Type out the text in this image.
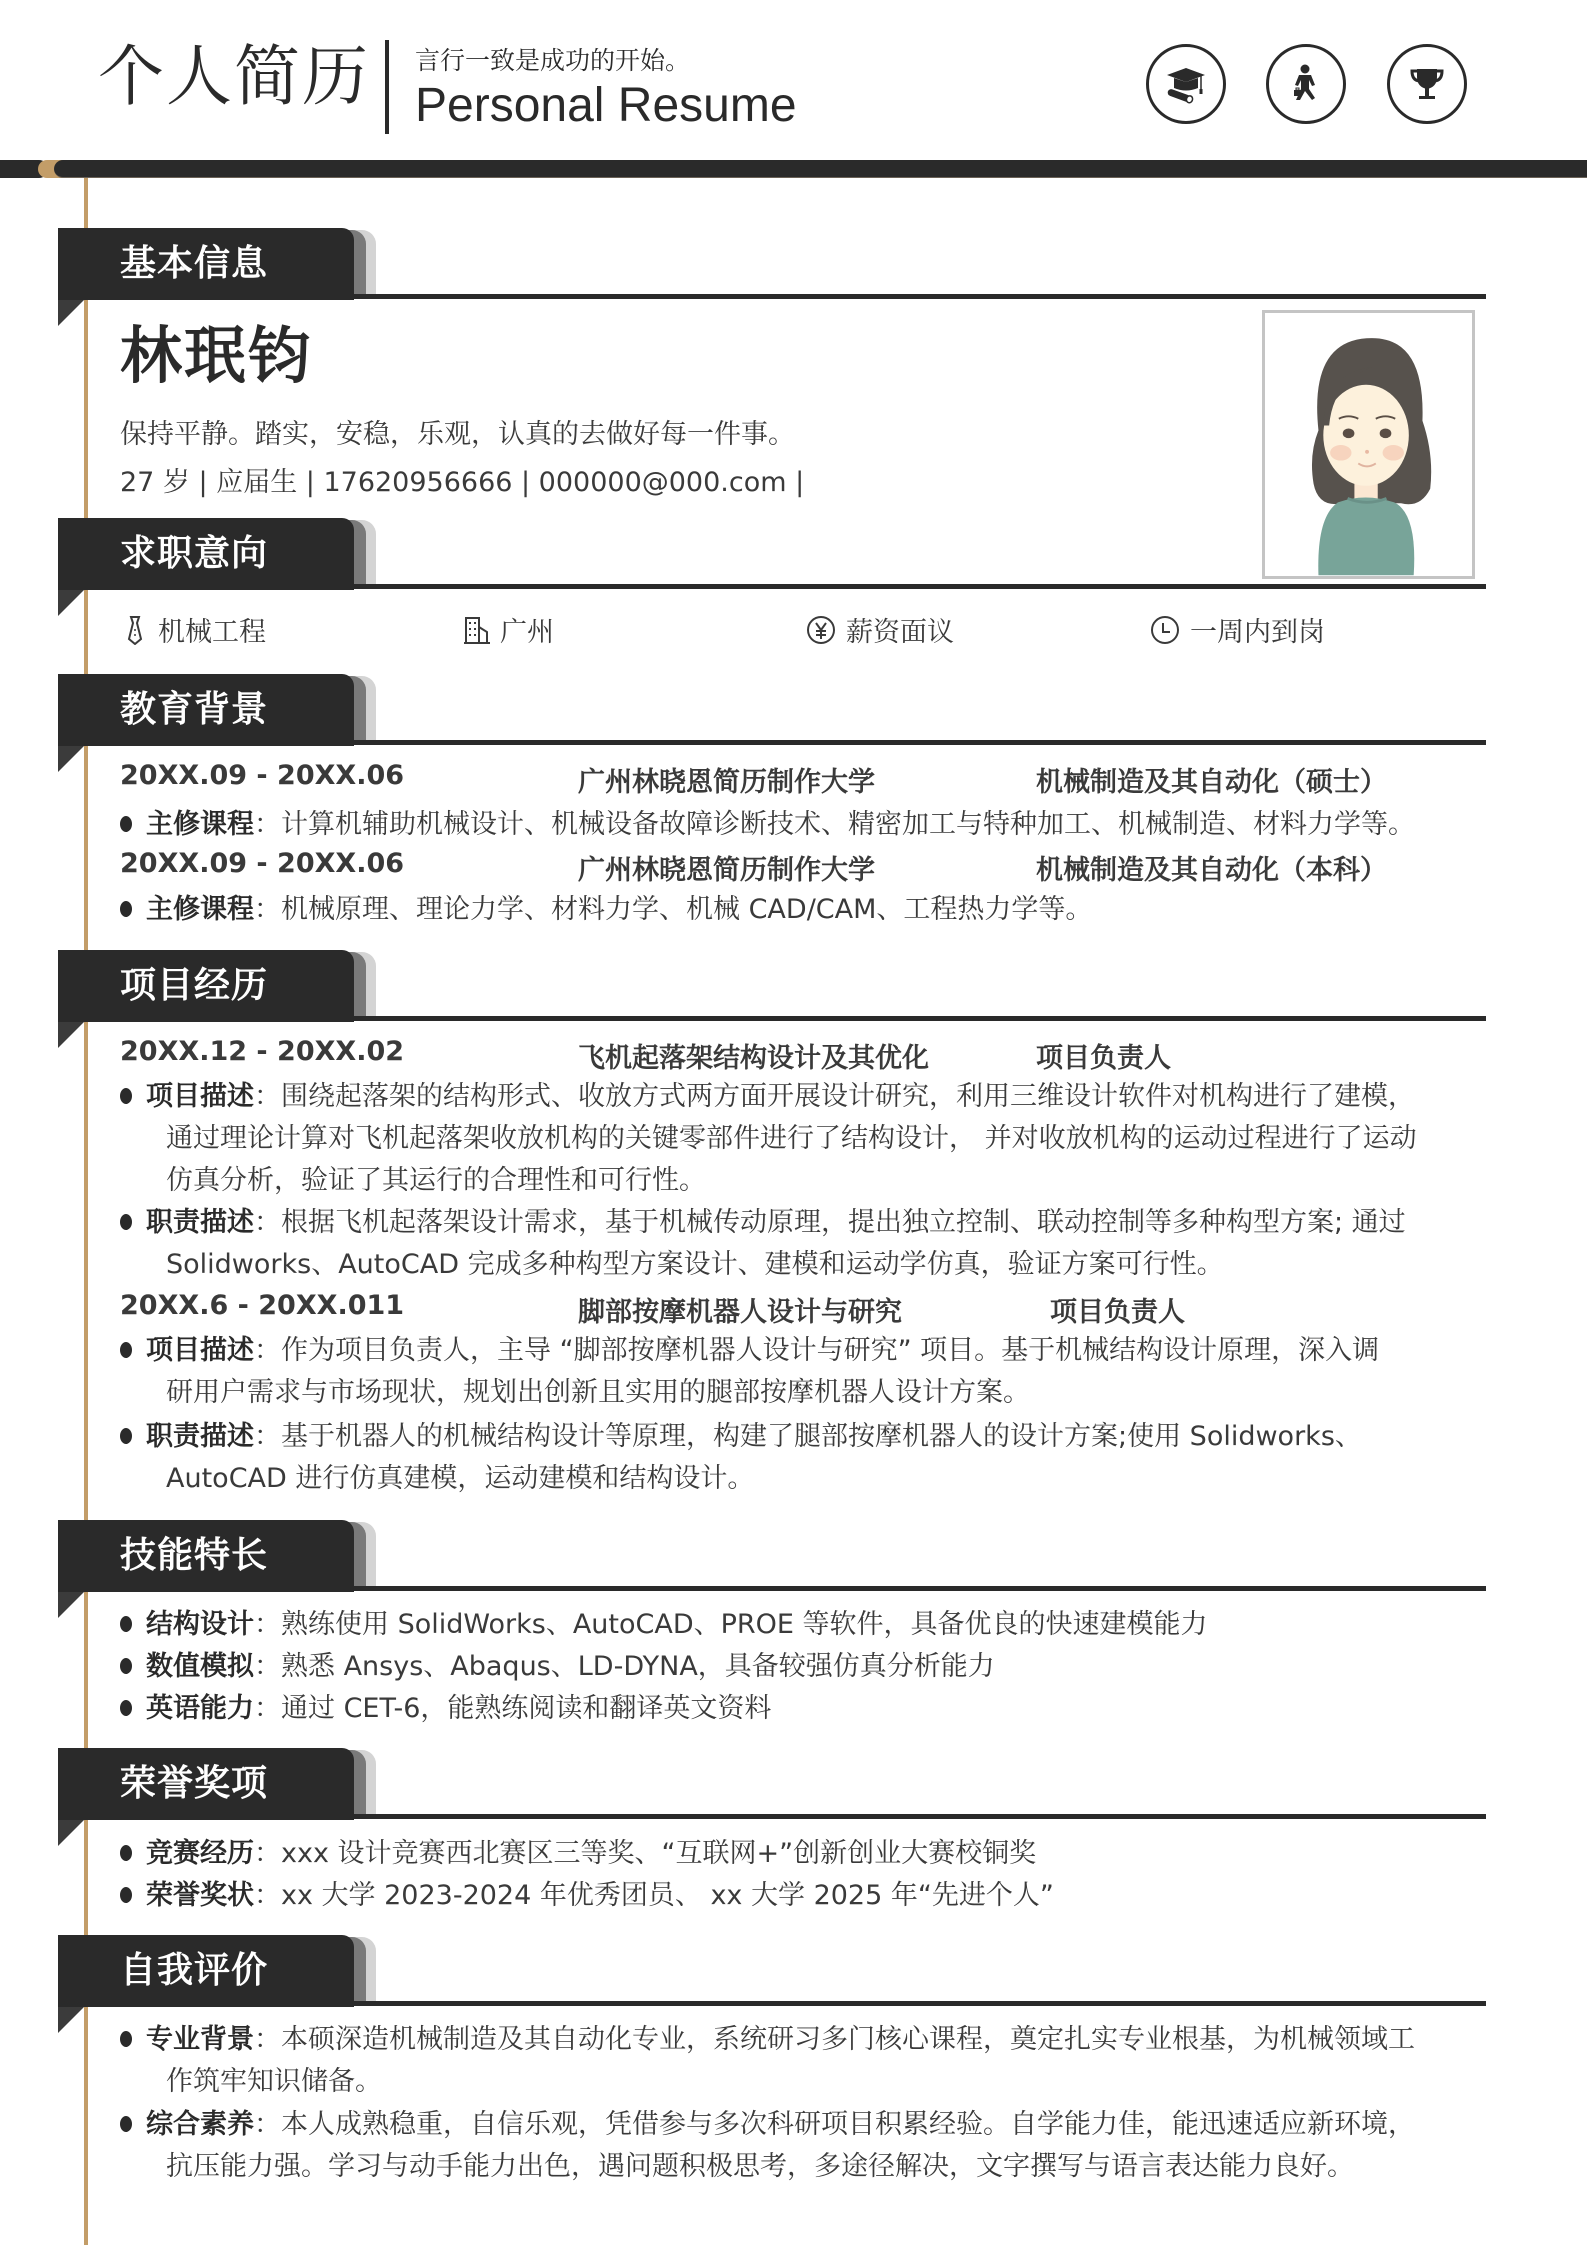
个人简历 言行一致是成功的开始。
Personal Resume
基本信息
林珉钧
保持平静。踏实，安稳，乐观，认真的去做好每一件事。
27 岁 | 应届生 | 17620956666 | 000000@000.com |
求职意向
机械工程	广州	薪资面议	一周内到岗
教育背景
20XX.09 - 20XX.06	广州林晓恩简历制作大学	机械制造及其自动化（硕士）
主修课程：计算机辅助机械设计、机械设备故障诊断技术、精密加工与特种加工、机械制造、材料力学等。
20XX.09 - 20XX.06	广州林晓恩简历制作大学	机械制造及其自动化（本科）
主修课程：机械原理、理论力学、材料力学、机械 CAD/CAM、工程热力学等。
项目经历
20XX.12 - 20XX.02	飞机起落架结构设计及其优化	项目负责人
项目描述：围绕起落架的结构形式、收放方式两方面开展设计研究，利用三维设计软件对机构进行了建模，
通过理论计算对飞机起落架收放机构的关键零部件进行了结构设计， 并对收放机构的运动过程进行了运动
仿真分析，验证了其运行的合理性和可行性。
职责描述：根据飞机起落架设计需求，基于机械传动原理，提出独立控制、联动控制等多种构型方案; 通过
Solidworks、AutoCAD 完成多种构型方案设计、建模和运动学仿真，验证方案可行性。
20XX.6 - 20XX.011	脚部按摩机器人设计与研究	项目负责人
项目描述：作为项目负责人，主导 “脚部按摩机器人设计与研究” 项目。基于机械结构设计原理，深入调
研用户需求与市场现状，规划出创新且实用的腿部按摩机器人设计方案。
职责描述：基于机器人的机械结构设计等原理，构建了腿部按摩机器人的设计方案;使用 Solidworks、
AutoCAD 进行仿真建模，运动建模和结构设计。
技能特长
结构设计：熟练使用 SolidWorks、AutoCAD、PROE 等软件，具备优良的快速建模能力
数值模拟：熟悉 Ansys、Abaqus、LD-DYNA，具备较强仿真分析能力
英语能力：通过 CET-6，能熟练阅读和翻译英文资料
荣誉奖项
竞赛经历：xxx 设计竞赛西北赛区三等奖、“互联网+”创新创业大赛校铜奖
荣誉奖状：xx 大学 2023-2024 年优秀团员、 xx 大学 2025 年“先进个人”
自我评价
专业背景：本硕深造机械制造及其自动化专业，系统研习多门核心课程，奠定扎实专业根基，为机械领域工
作筑牢知识储备。
综合素养：本人成熟稳重，自信乐观，凭借参与多次科研项目积累经验。自学能力佳，能迅速适应新环境，
抗压能力强。学习与动手能力出色，遇问题积极思考，多途径解决，文字撰写与语言表达能力良好。
